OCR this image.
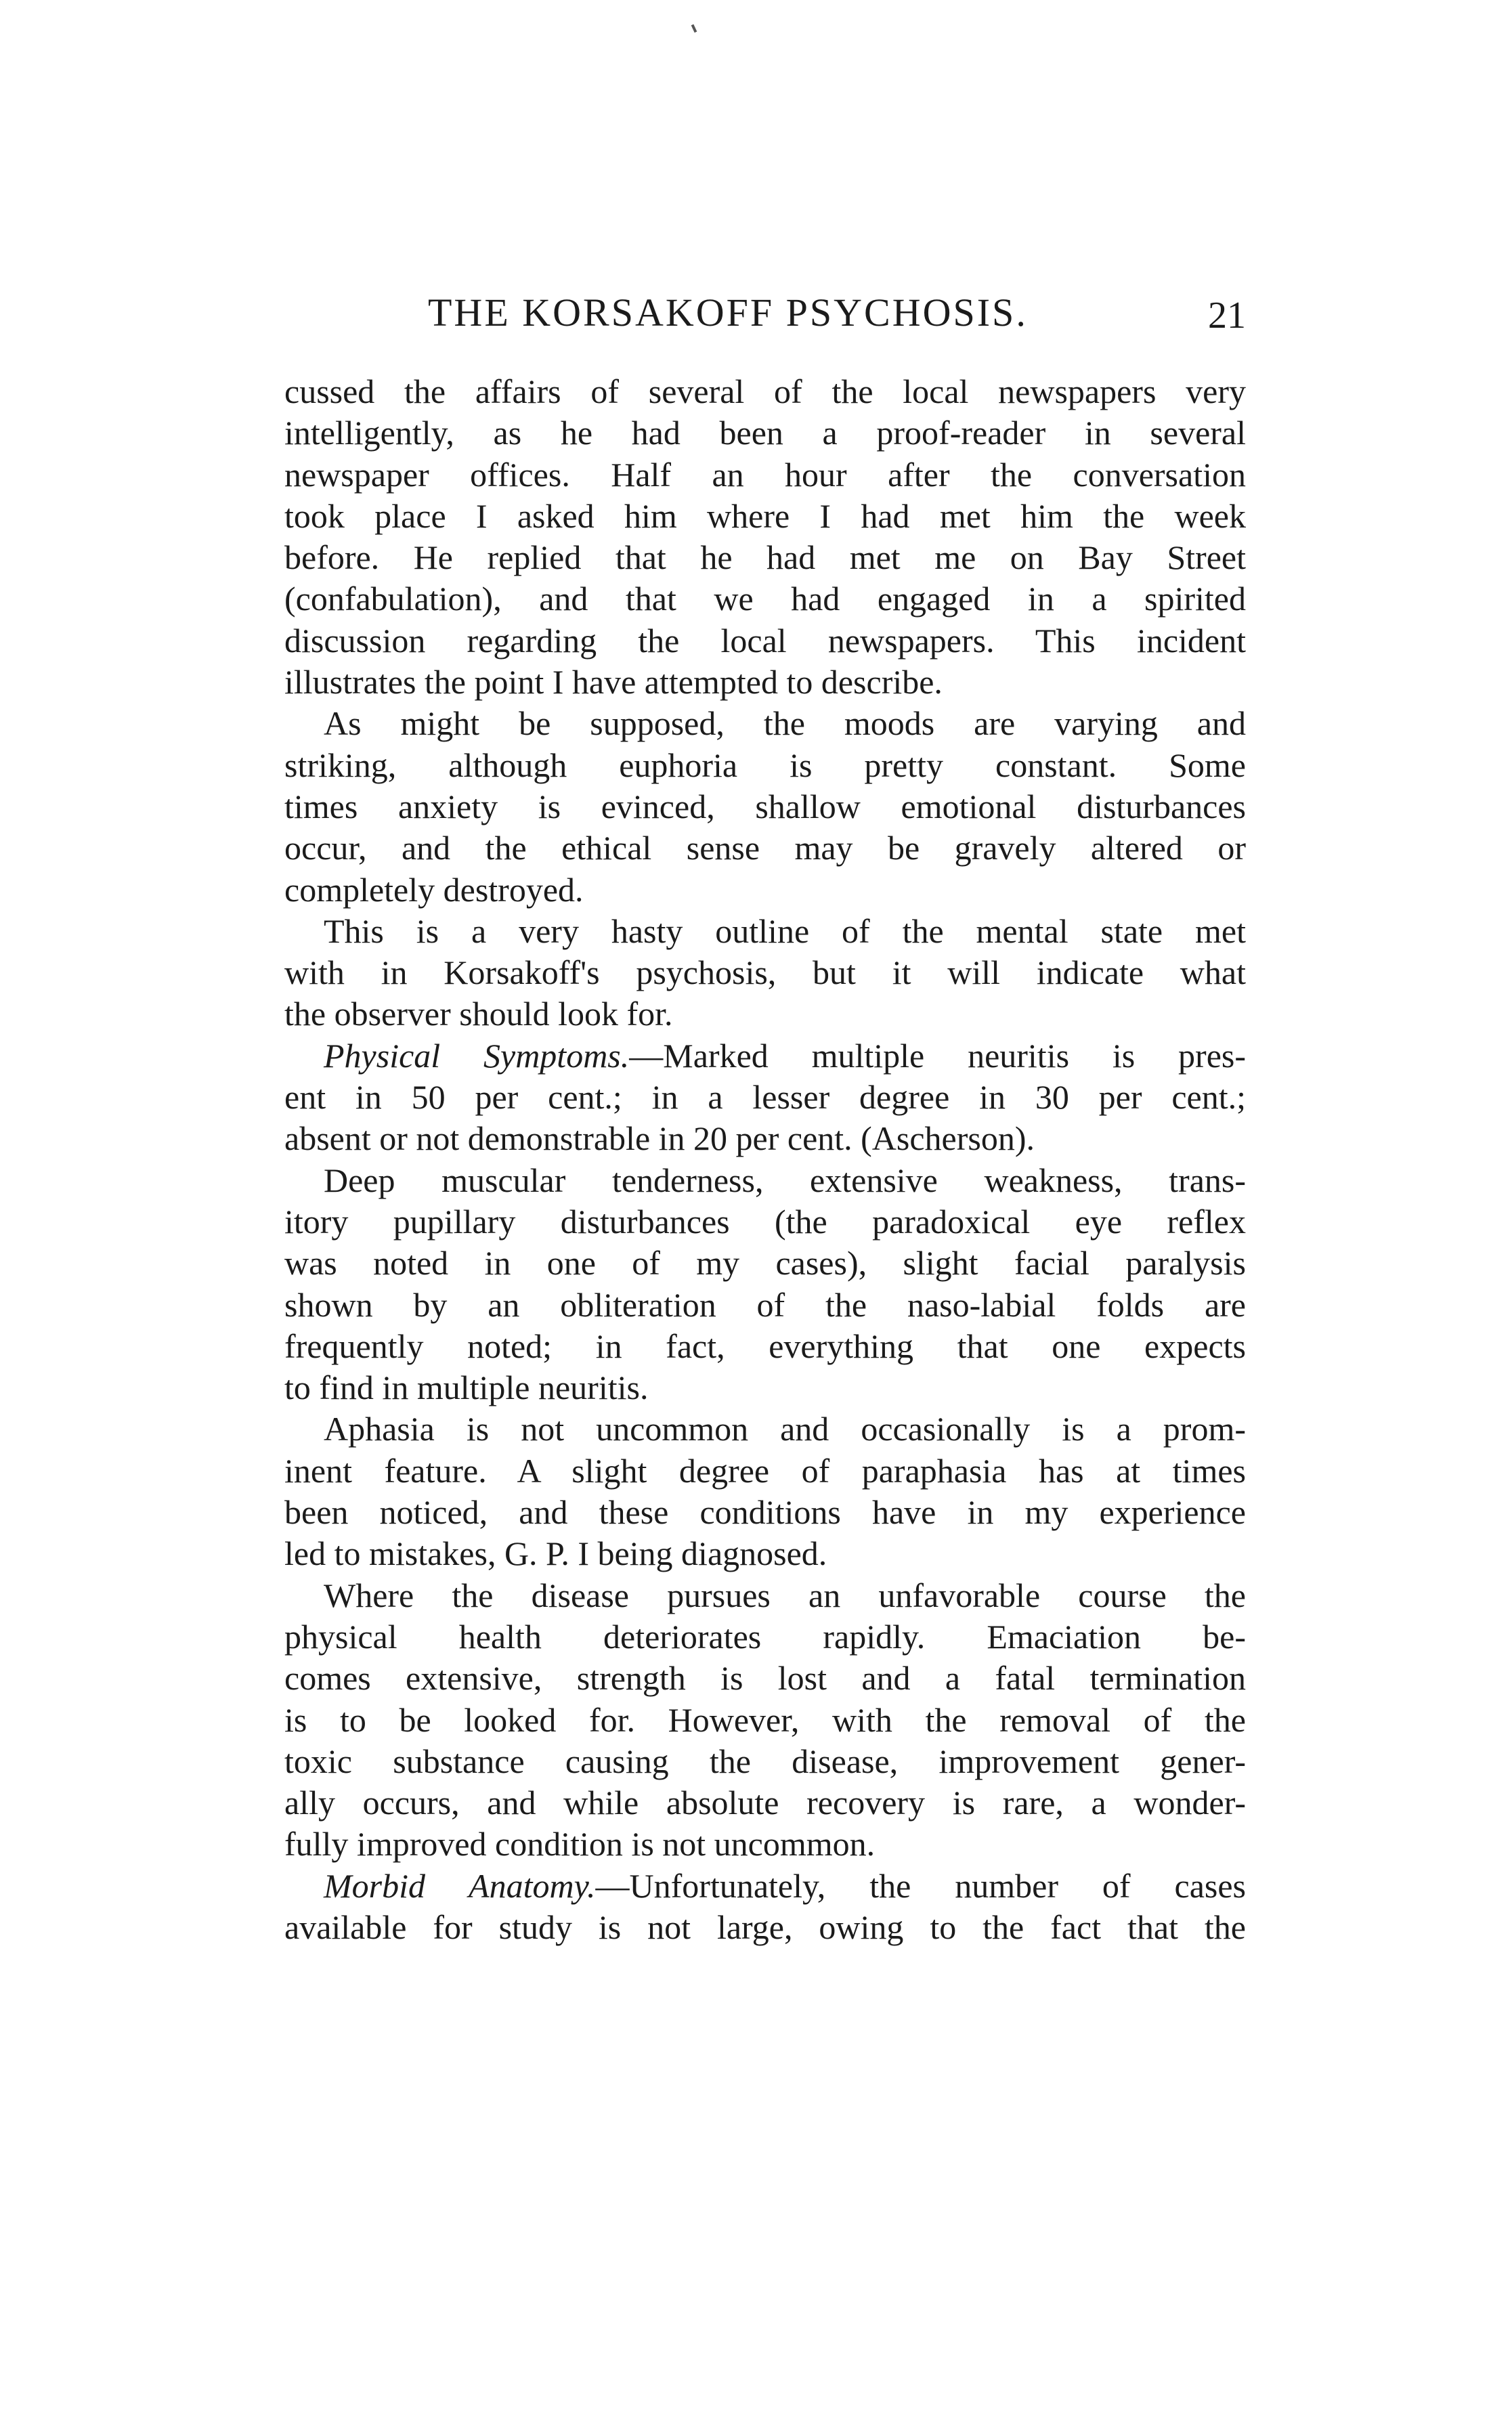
THE KORSAKOFF PSYCHOSIS.	21
cussed the affairs of several of the local newspapers very
intelligently, as he had been a proof-reader in several
newspaper offices. Half an hour after the conversation
took place I asked him where I had met him the week
before. He replied that he had met me on Bay Street
(confabulation), and that we had engaged in a spirited
discussion regarding the local newspapers. This incident
illustrates the point I have attempted to describe.
As might be supposed, the moods are varying and
striking, although euphoria is pretty constant. Some
times anxiety is evinced, shallow emotional disturbances
occur, and the ethical sense may be gravely altered or
completely destroyed.
This is a very hasty outline of the mental state met
with in Korsakoff's psychosis, but it will indicate what
the observer should look for.
Physical Symptoms.—Marked multiple neuritis is pres-
ent in 50 per cent.; in a lesser degree in 30 per cent.;
absent or not demonstrable in 20 per cent. (Ascherson).
Deep muscular tenderness, extensive weakness, trans-
itory pupillary disturbances (the paradoxical eye reflex
was noted in one of my cases), slight facial paralysis
shown by an obliteration of the naso-labial folds are
frequently noted; in fact, everything that one expects
to find in multiple neuritis.
Aphasia is not uncommon and occasionally is a prom-
inent feature. A slight degree of paraphasia has at times
been noticed, and these conditions have in my experience
led to mistakes, G. P. I being diagnosed.
Where the disease pursues an unfavorable course the
physical health deteriorates rapidly. Emaciation be-
comes extensive, strength is lost and a fatal termination
is to be looked for. However, with the removal of the
toxic substance causing the disease, improvement gener-
ally occurs, and while absolute recovery is rare, a wonder-
fully improved condition is not uncommon.
Morbid Anatomy.—Unfortunately, the number of cases
available for study is not large, owing to the fact that the
